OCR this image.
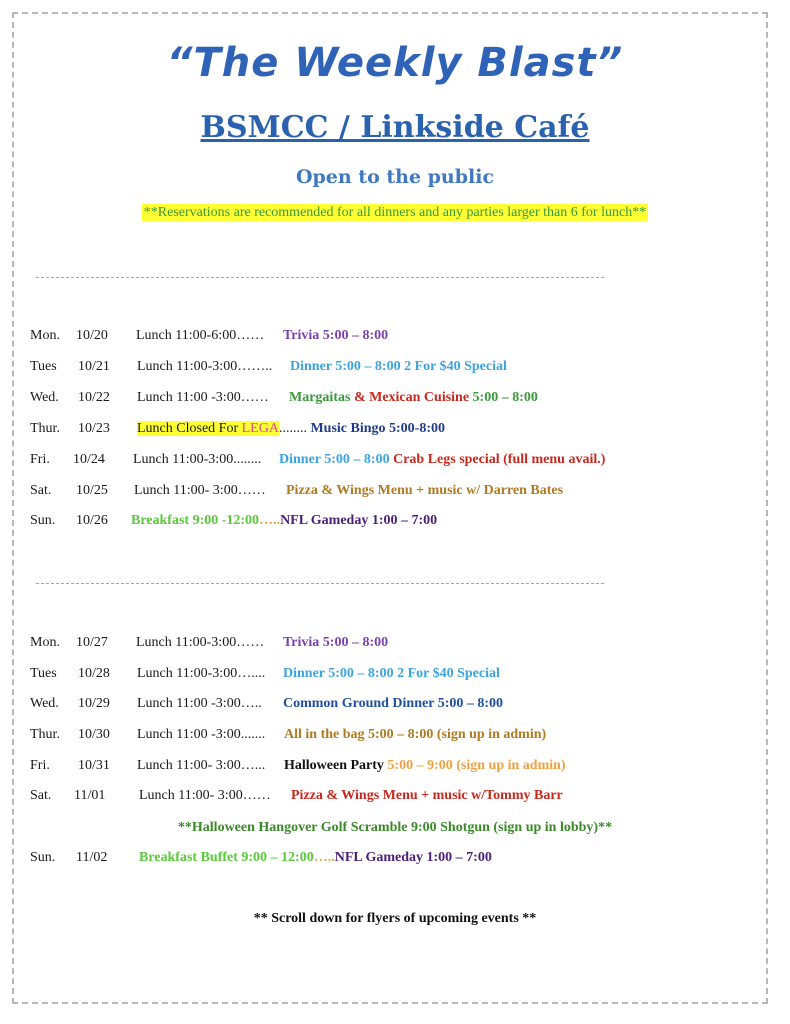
“The Weekly Blast”
BSMCC / Linkside Café
Open to the public
**Reservations are recommended for all dinners and any parties larger than 6 for lunch**
Mon. 10/20 Lunch 11:00-6:00…… Trivia 5:00 – 8:00
Tues 10/21 Lunch 11:00-3:00…….. Dinner 5:00 – 8:00 2 For $40 Special
Wed. 10/22 Lunch 11:00 -3:00…… Margaitas & Mexican Cuisine 5:00 – 8:00
Thur. 10/23 Lunch Closed For LEGA........ Music Bingo 5:00-8:00
Fri. 10/24 Lunch 11:00-3:00........ Dinner 5:00 – 8:00 Crab Legs special (full menu avail.)
Sat. 10/25 Lunch 11:00- 3:00…… Pizza & Wings Menu + music w/ Darren Bates
Sun. 10/26 Breakfast 9:00 -12:00…..NFL Gameday 1:00 – 7:00
Mon. 10/27 Lunch 11:00-3:00…… Trivia 5:00 – 8:00
Tues 10/28 Lunch 11:00-3:00….... Dinner 5:00 – 8:00 2 For $40 Special
Wed. 10/29 Lunch 11:00 -3:00….. Common Ground Dinner 5:00 – 8:00
Thur. 10/30 Lunch 11:00 -3:00....... All in the bag 5:00 – 8:00 (sign up in admin)
Fri. 10/31 Lunch 11:00- 3:00…... Halloween Party 5:00 – 9:00 (sign up in admin)
Sat. 11/01 Lunch 11:00- 3:00…… Pizza & Wings Menu + music w/Tommy Barr
**Halloween Hangover Golf Scramble 9:00 Shotgun (sign up in lobby)**
Sun. 11/02 Breakfast Buffet 9:00 – 12:00…..NFL Gameday 1:00 – 7:00
** Scroll down for flyers of upcoming events **
